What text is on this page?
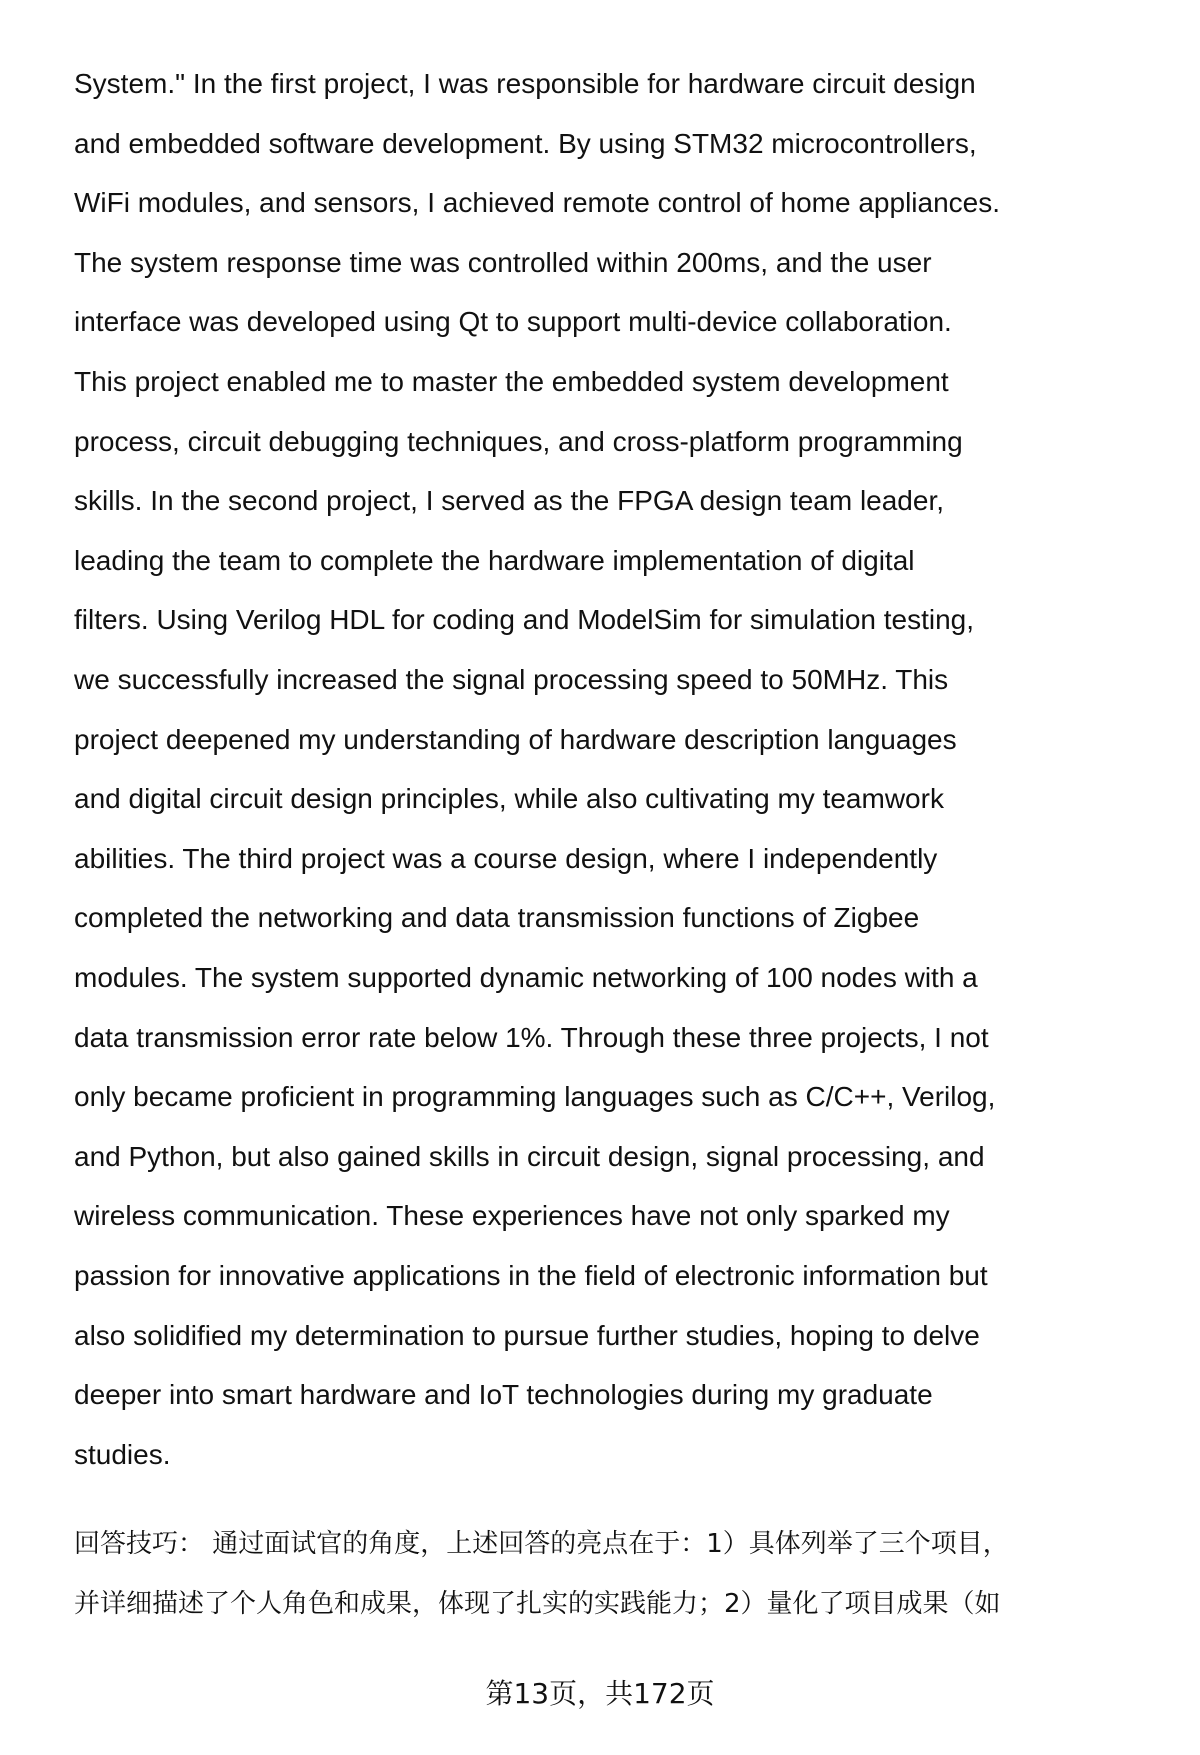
System." In the first project, I was responsible for hardware circuit design
and embedded software development. By using STM32 microcontrollers,
WiFi modules, and sensors, I achieved remote control of home appliances.
The system response time was controlled within 200ms, and the user
interface was developed using Qt to support multi-device collaboration.
This project enabled me to master the embedded system development
process, circuit debugging techniques, and cross-platform programming
skills. In the second project, I served as the FPGA design team leader,
leading the team to complete the hardware implementation of digital
filters. Using Verilog HDL for coding and ModelSim for simulation testing,
we successfully increased the signal processing speed to 50MHz. This
project deepened my understanding of hardware description languages
and digital circuit design principles, while also cultivating my teamwork
abilities. The third project was a course design, where I independently
completed the networking and data transmission functions of Zigbee
modules. The system supported dynamic networking of 100 nodes with a
data transmission error rate below 1%. Through these three projects, I not
only became proficient in programming languages such as C/C++, Verilog,
and Python, but also gained skills in circuit design, signal processing, and
wireless communication. These experiences have not only sparked my
passion for innovative applications in the field of electronic information but
also solidified my determination to pursue further studies, hoping to delve
deeper into smart hardware and IoT technologies during my graduate
studies.
回答技巧： 通过面试官的角度，上述回答的亮点在于：1）具体列举了三个项目，
并详细描述了个人角色和成果，体现了扎实的实践能力；2）量化了项目成果（如
第13页，共172页
